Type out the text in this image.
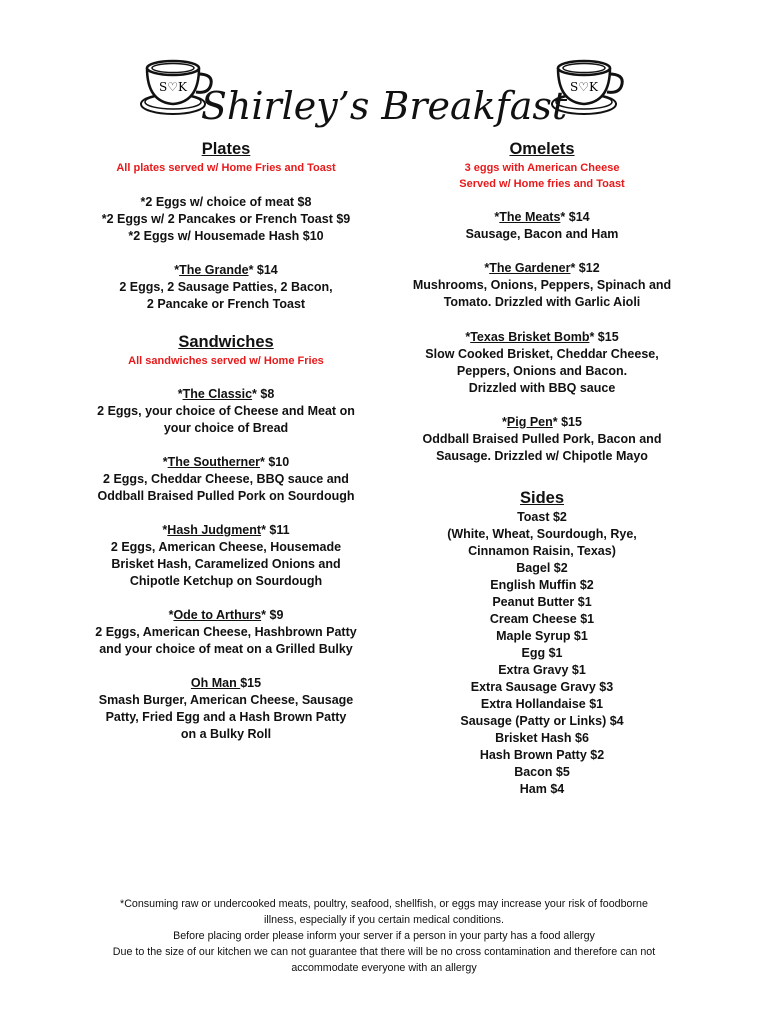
S♡K	S♡K
Shirley’s Breakfast
Plates

All plates served w/ Home Fries and Toast

*2 Eggs w/ choice of meat $8

*2 Eggs w/ 2 Pancakes or French Toast $9

*2 Eggs w/ Housemade Hash $10

*The Grande* $14

2 Eggs, 2 Sausage Patties, 2 Bacon,

2 Pancake or French Toast

Sandwiches

All sandwiches served w/ Home Fries

*The Classic* $8

2 Eggs, your choice of Cheese and Meat on

your choice of Bread

*The Southerner* $10

2 Eggs, Cheddar Cheese, BBQ sauce and

Oddball Braised Pulled Pork on Sourdough

*Hash Judgment* $11

2 Eggs, American Cheese, Housemade

Brisket Hash, Caramelized Onions and

Chipotle Ketchup on Sourdough

*Ode to Arthurs* $9

2 Eggs, American Cheese, Hashbrown Patty

and your choice of meat on a Grilled Bulky

Oh Man $15

Smash Burger, American Cheese, Sausage

Patty, Fried Egg and a Hash Brown Patty

on a Bulky Roll

Omelets

3 eggs with American Cheese

Served w/ Home fries and Toast

*The Meats* $14

Sausage, Bacon and Ham

*The Gardener* $12

Mushrooms, Onions, Peppers, Spinach and

Tomato. Drizzled with Garlic Aioli

*Texas Brisket Bomb* $15

Slow Cooked Brisket, Cheddar Cheese,

Peppers, Onions and Bacon.

Drizzled with BBQ sauce

*Pig Pen* $15

Oddball Braised Pulled Pork, Bacon and

Sausage. Drizzled w/ Chipotle Mayo

Sides

Toast $2

(White, Wheat, Sourdough, Rye,

Cinnamon Raisin, Texas)

Bagel $2

English Muffin $2

Peanut Butter $1

Cream Cheese $1

Maple Syrup $1

Egg $1

Extra Gravy $1

Extra Sausage Gravy $3

Extra Hollandaise $1

Sausage (Patty or Links) $4

Brisket Hash $6

Hash Brown Patty $2

Bacon $5

Ham $4

*Consuming raw or undercooked meats, poultry, seafood, shellfish, or eggs may increase your risk of foodborne

illness, especially if you certain medical conditions.

Before placing order please inform your server if a person in your party has a food allergy

Due to the size of our kitchen we can not guarantee that there will be no cross contamination and therefore can not

accommodate everyone with an allergy
